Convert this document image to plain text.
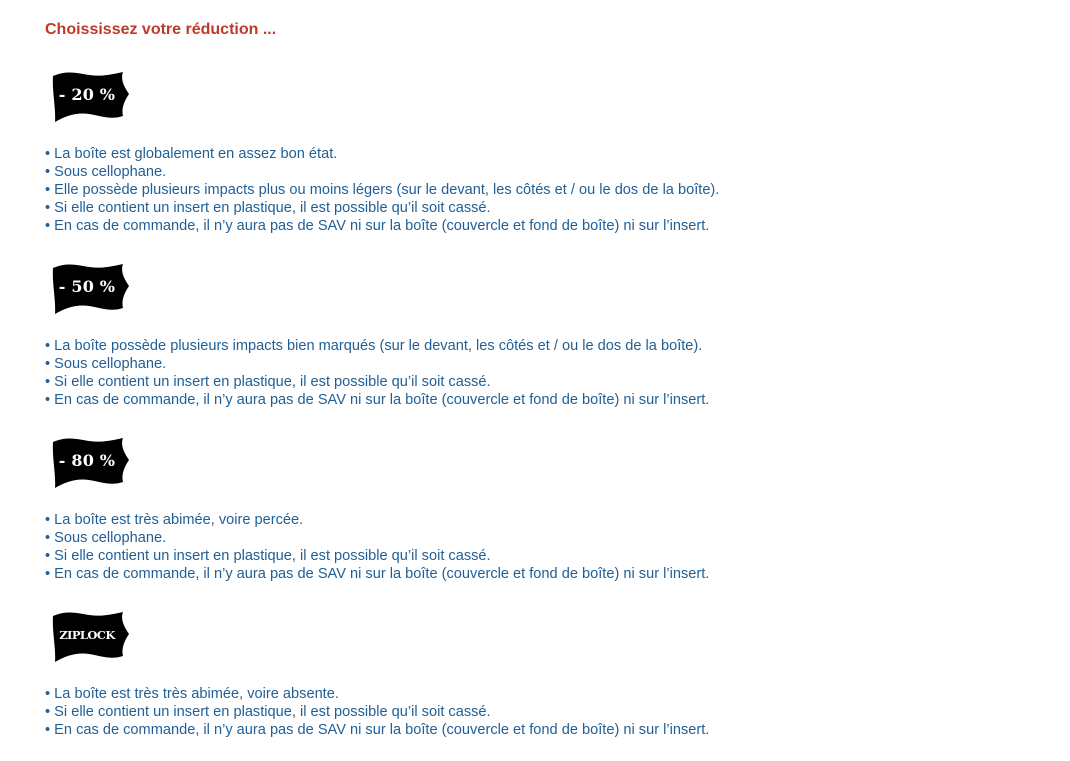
Choississez votre réduction ...
- 20 %
• La boîte est globalement en assez bon état.
• Sous cellophane.
• Elle possède plusieurs impacts plus ou moins légers (sur le devant, les côtés et / ou le dos de la boîte).
• Si elle contient un insert en plastique, il est possible qu’il soit cassé.
• En cas de commande, il n’y aura pas de SAV ni sur la boîte (couvercle et fond de boîte) ni sur l’insert.
- 50 %
• La boîte possède plusieurs impacts bien marqués (sur le devant, les côtés et / ou le dos de la boîte).
• Sous cellophane.
• Si elle contient un insert en plastique, il est possible qu’il soit cassé.
• En cas de commande, il n’y aura pas de SAV ni sur la boîte (couvercle et fond de boîte) ni sur l’insert.
- 80 %
• La boîte est très abimée, voire percée.
• Sous cellophane.
• Si elle contient un insert en plastique, il est possible qu’il soit cassé.
• En cas de commande, il n’y aura pas de SAV ni sur la boîte (couvercle et fond de boîte) ni sur l’insert.
ZIPLOCK
• La boîte est très très abimée, voire absente.
• Si elle contient un insert en plastique, il est possible qu’il soit cassé.
• En cas de commande, il n’y aura pas de SAV ni sur la boîte (couvercle et fond de boîte) ni sur l’insert.
